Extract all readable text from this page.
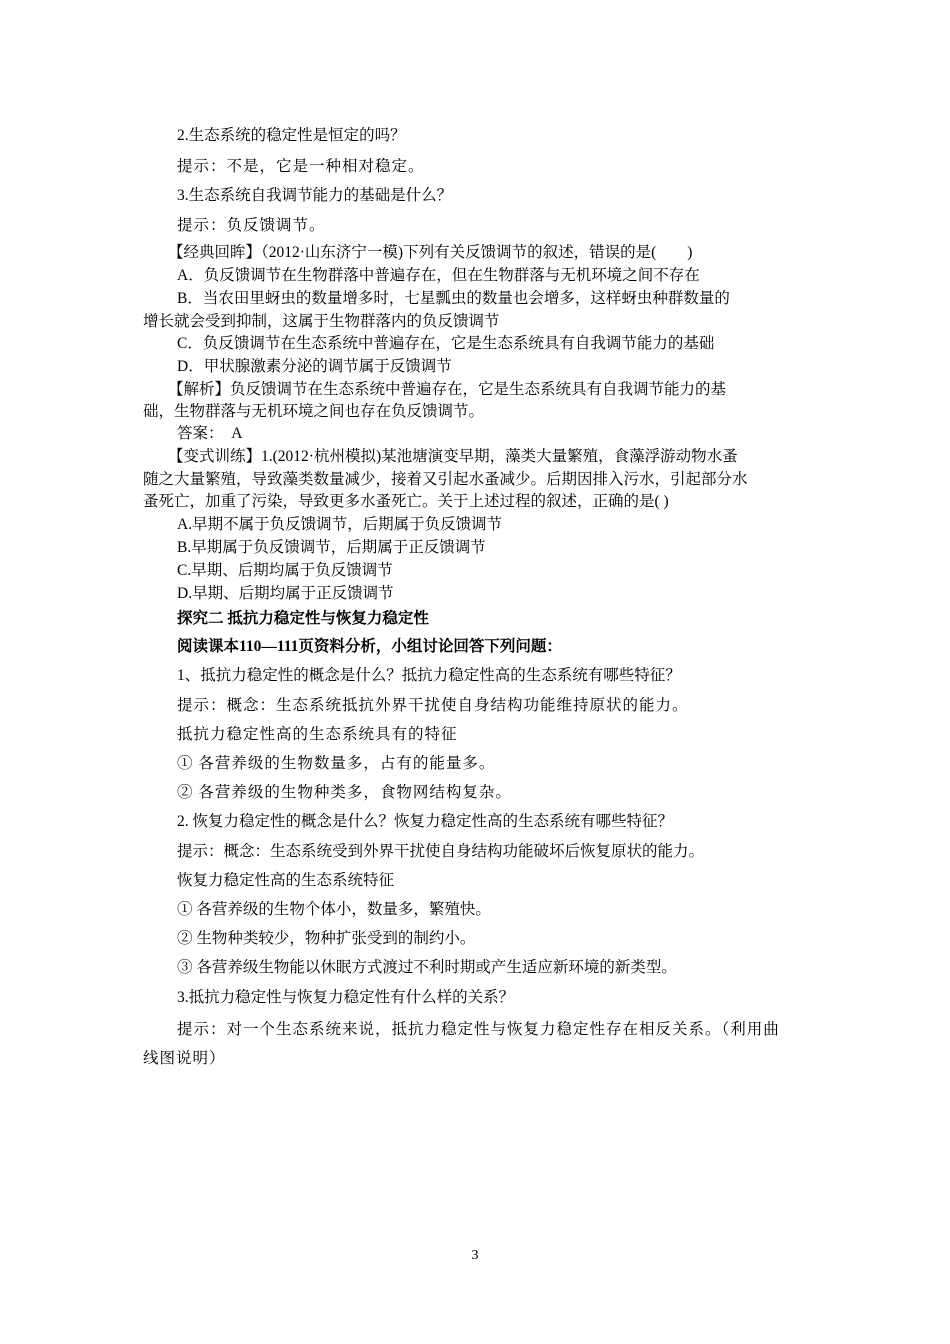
2.生态系统的稳定性是恒定的吗？
提示：不是，它是一种相对稳定。
3.生态系统自我调节能力的基础是什么？
提示：负反馈调节。
【经典回眸】（2012·山东济宁一模)下列有关反馈调节的叙述，错误的是(　　)
A．负反馈调节在生物群落中普遍存在，但在生物群落与无机环境之间不存在
B．当农田里蚜虫的数量增多时，七星瓢虫的数量也会增多，这样蚜虫种群数量的
增长就会受到抑制，这属于生物群落内的负反馈调节
C．负反馈调节在生态系统中普遍存在，它是生态系统具有自我调节能力的基础
D．甲状腺激素分泌的调节属于反馈调节
【解析】负反馈调节在生态系统中普遍存在，它是生态系统具有自我调节能力的基
础，生物群落与无机环境之间也存在负反馈调节。
答案：　A
【变式训练】1.(2012·杭州模拟)某池塘演变早期，藻类大量繁殖，食藻浮游动物水蚤
随之大量繁殖，导致藻类数量减少，接着又引起水蚤减少。后期因排入污水，引起部分水
蚤死亡，加重了污染，导致更多水蚤死亡。关于上述过程的叙述，正确的是( )
A.早期不属于负反馈调节，后期属于负反馈调节
B.早期属于负反馈调节，后期属于正反馈调节
C.早期、后期均属于负反馈调节
D.早期、后期均属于正反馈调节
探究二 抵抗力稳定性与恢复力稳定性
阅读课本110—111页资料分析，小组讨论回答下列问题：
1、抵抗力稳定性的概念是什么？抵抗力稳定性高的生态系统有哪些特征？
提示：概念：生态系统抵抗外界干扰使自身结构功能维持原状的能力。
抵抗力稳定性高的生态系统具有的特征
① 各营养级的生物数量多，占有的能量多。
② 各营养级的生物种类多，食物网结构复杂。
2. 恢复力稳定性的概念是什么？恢复力稳定性高的生态系统有哪些特征？
提示：概念：生态系统受到外界干扰使自身结构功能破坏后恢复原状的能力。
恢复力稳定性高的生态系统特征
① 各营养级的生物个体小，数量多，繁殖快。
② 生物种类较少，物种扩张受到的制约小。
③ 各营养级生物能以休眠方式渡过不利时期或产生适应新环境的新类型。
3.抵抗力稳定性与恢复力稳定性有什么样的关系？
提示：对一个生态系统来说，抵抗力稳定性与恢复力稳定性存在相反关系。（利用曲
线图说明）
3
